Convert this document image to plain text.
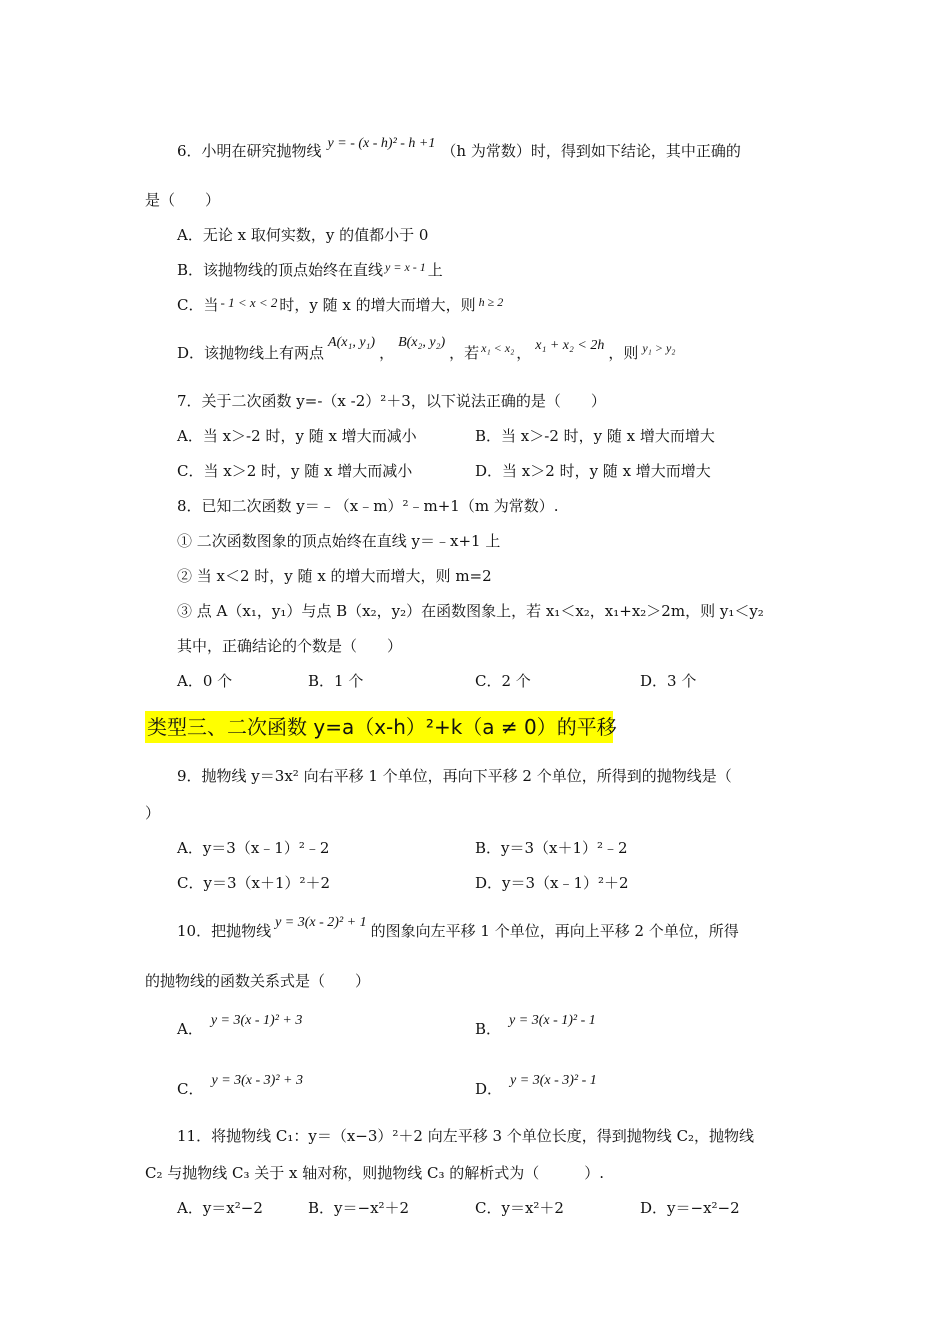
6．小明在研究抛物线 y = - (x - h)² - h +1 （h 为常数）时，得到如下结论，其中正确的
是（　　）
A．无论 x 取何实数，y 的值都小于 0
B．该抛物线的顶点始终在直线 $^{y = x - 1}$ 上
C．当 - 1 < x < 2 时，y 随 x 的增大而增大，则 $^{h \ge 2}$
D．该抛物线上有两点A(x₁, y₁)，B(x₂, y₂)，若 $^{x_1 < x_2}$ ， x₁ + x₂ < 2h ，则 $^{y_1 > y_2}$
7．关于二次函数 y=-（x -2）²＋3，以下说法正确的是（　　）
A．当 x＞-2 时，y 随 x 增大而减小	B．当 x＞-2 时，y 随 x 增大而增大
C．当 x＞2 时，y 随 x 增大而减小	D．当 x＞2 时，y 随 x 增大而增大
8．已知二次函数 y＝﹣（x﹣m）²﹣m+1（m 为常数）.
① 二次函数图象的顶点始终在直线 y＝﹣x+1 上
② 当 x＜2 时，y 随 x 的增大而增大，则 m=2
③ 点 A（x₁，y₁）与点 B（x₂，y₂）在函数图象上，若 x₁＜x₂，x₁+x₂＞2m，则 y₁＜y₂
其中，正确结论的个数是（　　）
A．0 个	B．1 个	C．2 个	D．3 个
类型三、二次函数 y=a（x-h）²+k（a ≠ 0）的平移
9．抛物线 y＝3x² 向右平移 1 个单位，再向下平移 2 个单位，所得到的抛物线是（
）
A．y＝3（x﹣1）²﹣2	B．y＝3（x＋1）²﹣2
C．y＝3（x＋1）²＋2	D．y＝3（x﹣1）²＋2
10．把抛物线 y = 3(x - 2)² + 1 的图象向左平移 1 个单位，再向上平移 2 个单位，所得
的抛物线的函数关系式是（　　）
A． y = 3(x - 1)² + 3	B． y = 3(x - 1)² - 1
C． y = 3(x - 3)² + 3	D． y = 3(x - 3)² - 1
11．将抛物线 C₁：y＝（x−3）²＋2 向左平移 3 个单位长度，得到抛物线 C₂，抛物线
C₂ 与抛物线 C₃ 关于 x 轴对称，则抛物线 C₃ 的解析式为（　　　）.
A．y＝x²−2	B．y＝−x²＋2	C．y＝x²＋2	D．y＝−x²−2
